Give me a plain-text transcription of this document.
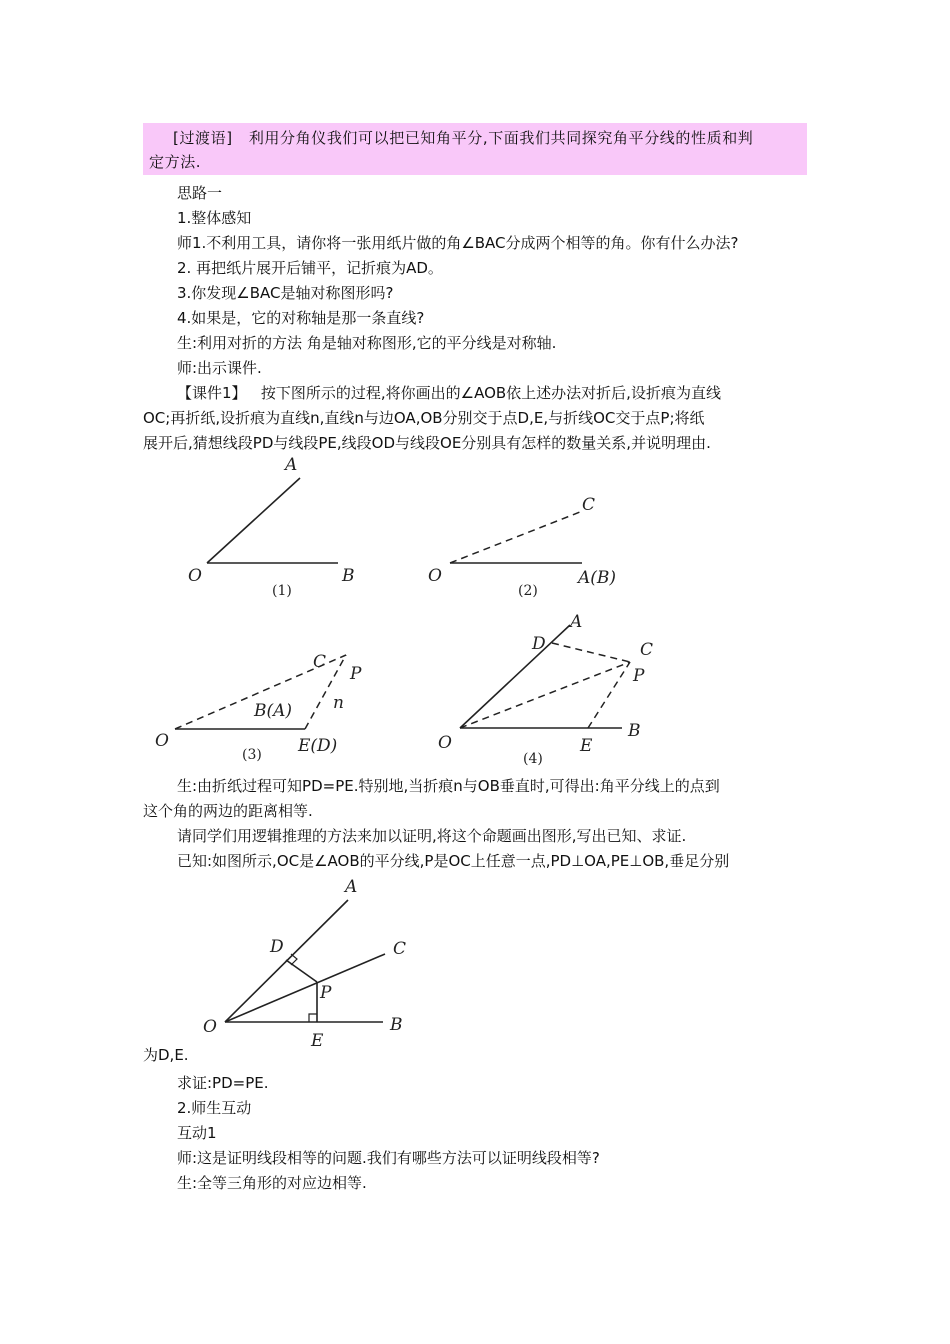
[过渡语] 利用分角仪我们可以把已知角平分,下面我们共同探究角平分线的性质和判
定方法.
思路一
1.整体感知
师1.不利用工具，请你将一张用纸片做的角∠BAC分成两个相等的角。你有什么办法?
2. 再把纸片展开后铺平，记折痕为AD。
3.你发现∠BAC是轴对称图形吗?
4.如果是，它的对称轴是那一条直线?
生:利用对折的方法 角是轴对称图形,它的平分线是对称轴.
师:出示课件.
【课件1】 按下图所示的过程,将你画出的∠AOB依上述办法对折后,设折痕为直线
OC;再折纸,设折痕为直线n,直线n与边OA,OB分别交于点D,E,与折线OC交于点P;将纸
展开后,猜想线段PD与线段PE,线段OD与线段OE分别具有怎样的数量关系,并说明理由.
A
O	B
(1)
C
O	A(B)
(2)
C
P
n
B(A)
O	E(D)
(3)
A
D	C
P
O	E
B
(4)
生:由折纸过程可知PD=PE.特别地,当折痕n与OB垂直时,可得出:角平分线上的点到
这个角的两边的距离相等.
请同学们用逻辑推理的方法来加以证明,将这个命题画出图形,写出已知、求证.
已知:如图所示,OC是∠AOB的平分线,P是OC上任意一点,PD⊥OA,PE⊥OB,垂足分别
A
D	C
P
O
E
B
为D,E.
求证:PD=PE.
2.师生互动
互动1
师:这是证明线段相等的问题.我们有哪些方法可以证明线段相等?
生:全等三角形的对应边相等.
